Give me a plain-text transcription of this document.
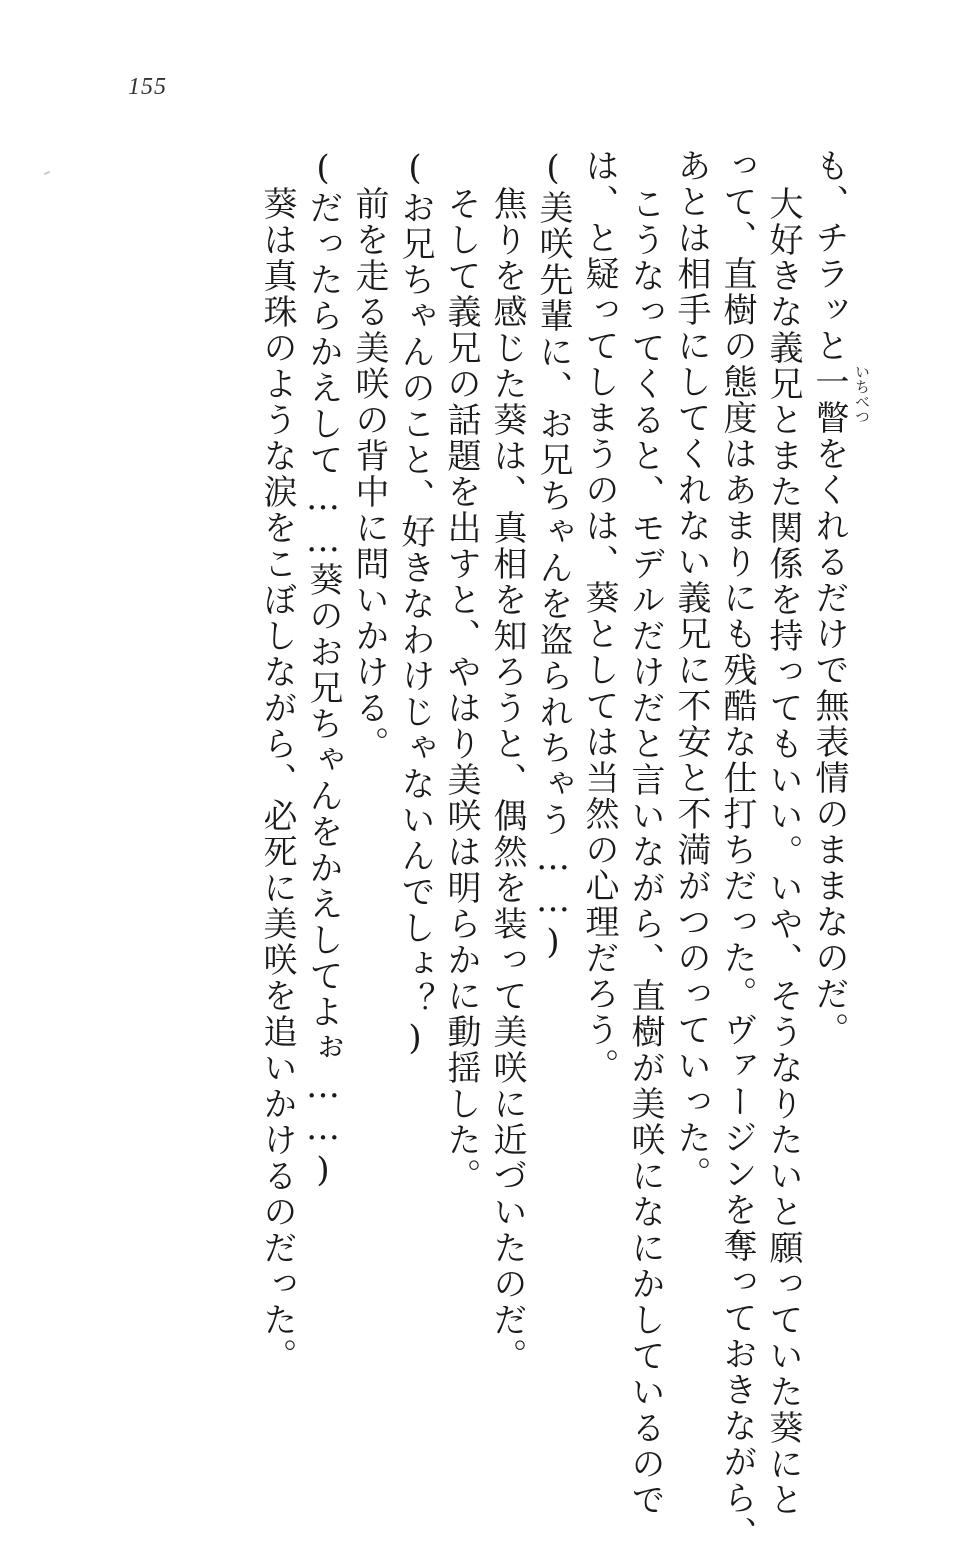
155
も、チラッと一瞥をくれるだけで無表情のままなのだ。
大好きな義兄とまた関係を持ってもいい。いや、そうなりたいと願っていた葵にと
って、直樹の態度はあまりにも残酷な仕打ちだった。ヴァージンを奪っておきながら、
あとは相手にしてくれない義兄に不安と不満がつのっていった。
こうなってくると、モデルだけだと言いながら、直樹が美咲になにかしているので
は、と疑ってしまうのは、葵としては当然の心理だろう。
(美咲先輩に、お兄ちゃんを盗られちゃう……)
焦りを感じた葵は、真相を知ろうと、偶然を装って美咲に近づいたのだ。
そして義兄の話題を出すと、やはり美咲は明らかに動揺した。
(お兄ちゃんのこと、好きなわけじゃないんでしょ？)
前を走る美咲の背中に問いかける。
(だったらかえして……葵のお兄ちゃんをかえしてよぉ……)
葵は真珠のような涙をこぼしながら、必死に美咲を追いかけるのだった。	いちべつ
